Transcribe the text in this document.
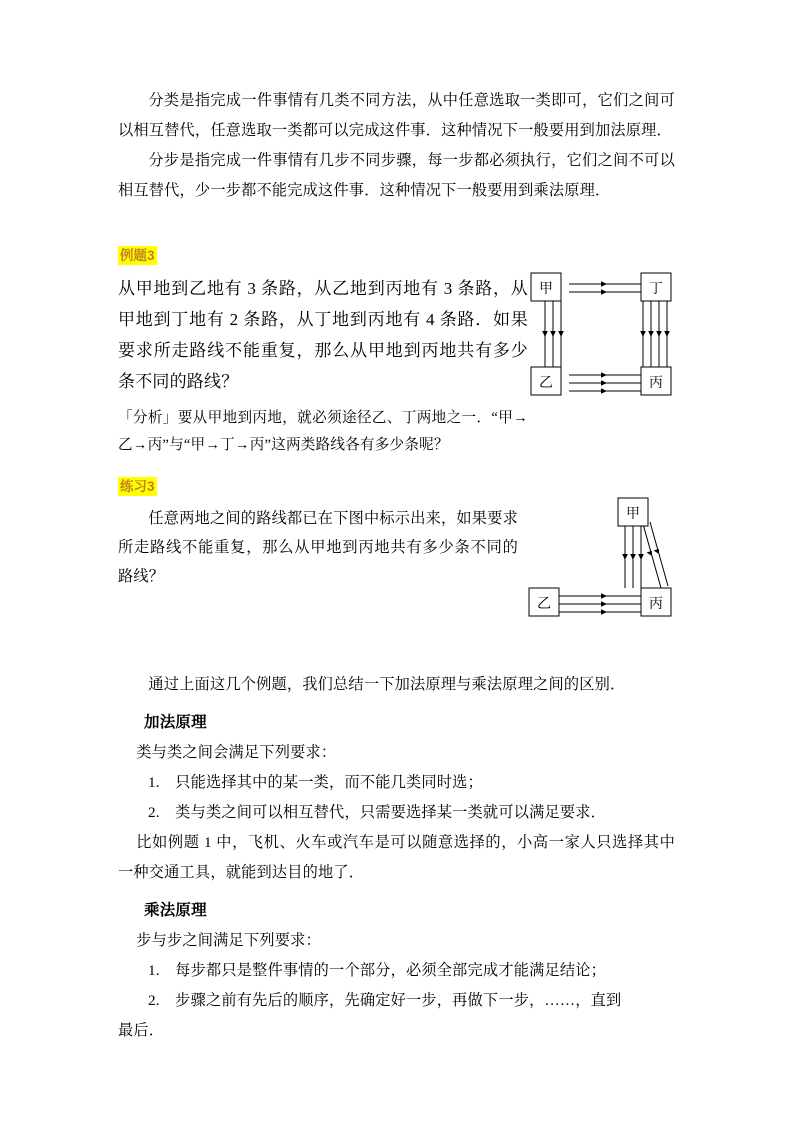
分类是指完成一件事情有几类不同方法，从中任意选取一类即可，它们之间可以相互替代，任意选取一类都可以完成这件事．这种情况下一般要用到加法原理．

分步是指完成一件事情有几步不同步骤，每一步都必须执行，它们之间不可以相互替代，少一步都不能完成这件事．这种情况下一般要用到乘法原理．

例题3

从甲地到乙地有 3 条路，从乙地到丙地有 3 条路，从甲地到丁地有 2 条路，从丁地到丙地有 4 条路．如果要求所走路线不能重复，那么从甲地到丙地共有多少条不同的路线？

「分析」要从甲地到丙地，就必须途径乙、丁两地之一．“甲→乙→丙”与“甲→丁→丙”这两类路线各有多少条呢？

甲	丁
乙	丙
练习3

任意两地之间的路线都已在下图中标示出来，如果要求所走路线不能重复，那么从甲地到丙地共有多少条不同的路线？

甲
乙	丙

通过上面这几个例题，我们总结一下加法原理与乘法原理之间的区别．

加法原理

类与类之间会满足下列要求：

1.　只能选择其中的某一类，而不能几类同时选；

2.　类与类之间可以相互替代，只需要选择某一类就可以满足要求．

比如例题 1 中，飞机、火车或汽车是可以随意选择的，小高一家人只选择其中一种交通工具，就能到达目的地了．

乘法原理

步与步之间满足下列要求：

1.　每步都只是整件事情的一个部分，必须全部完成才能满足结论；

2.　步骤之前有先后的顺序，先确定好一步，再做下一步，……，直到

最后．
